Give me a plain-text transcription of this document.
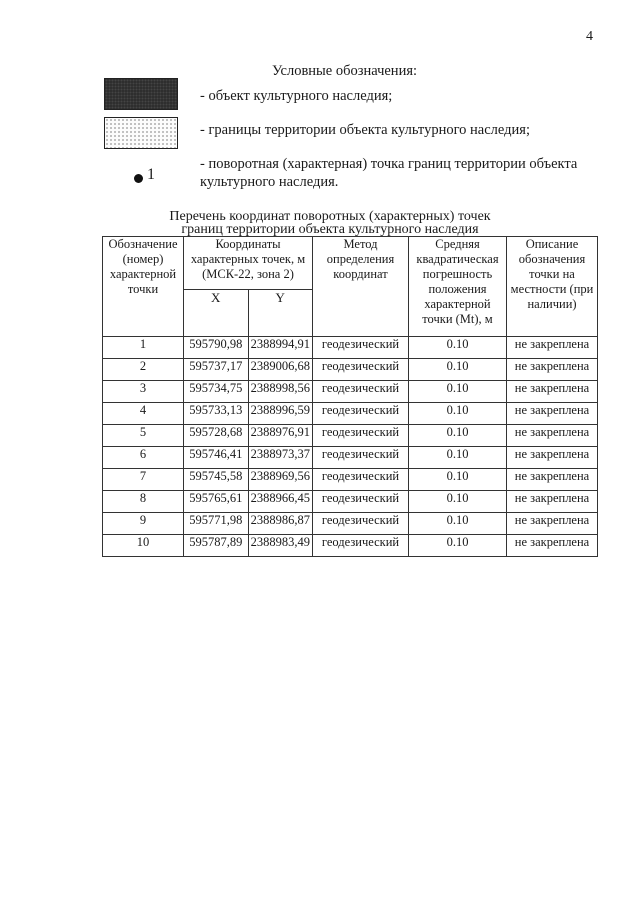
4
Условные обозначения:
- объект культурного наследия;
- границы территории объекта культурного наследия;
1
- поворотная (характерная) точка границ территории объекта культурного наследия.
Перечень координат поворотных (характерных) точек
границ территории объекта культурного наследия
Обозначение (номер) характерной точки	Координаты характерных точек, м (МСК-22, зона 2)		Метод определения координат	Средняя квадратическая погрешность положения характерной точки (Mt), м	Описание обозначения точки на местности (при наличии)
	X	Y			
1	595790,98	2388994,91	геодезический	0.10	не закреплена
2	595737,17	2389006,68	геодезический	0.10	не закреплена
3	595734,75	2388998,56	геодезический	0.10	не закреплена
4	595733,13	2388996,59	геодезический	0.10	не закреплена
5	595728,68	2388976,91	геодезический	0.10	не закреплена
6	595746,41	2388973,37	геодезический	0.10	не закреплена
7	595745,58	2388969,56	геодезический	0.10	не закреплена
8	595765,61	2388966,45	геодезический	0.10	не закреплена
9	595771,98	2388986,87	геодезический	0.10	не закреплена
10	595787,89	2388983,49	геодезический	0.10	не закреплена
